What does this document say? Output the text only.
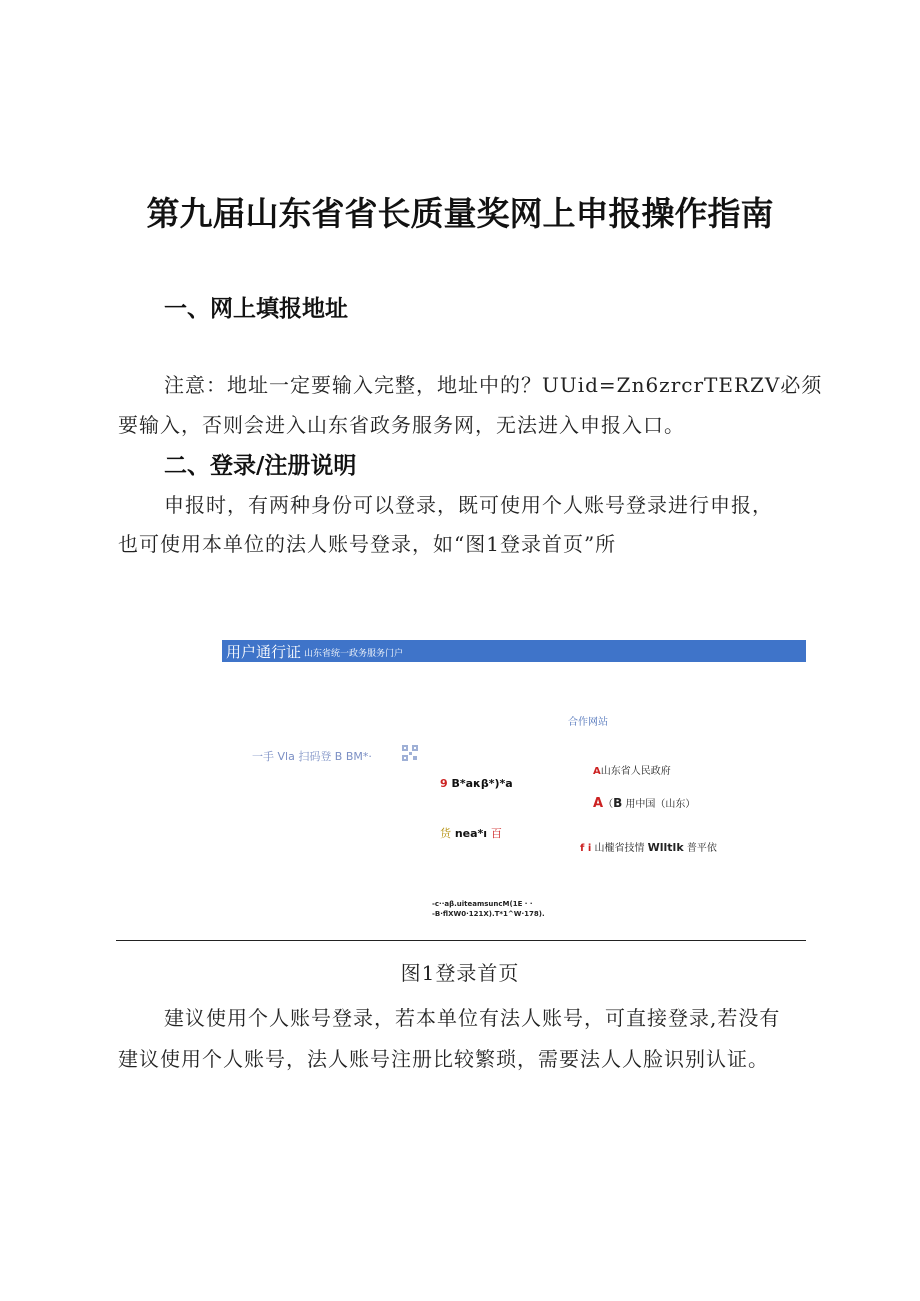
第九届山东省省长质量奖网上申报操作指南
一、网上填报地址
注意：地址一定要输入完整，地址中的？UUid=Zn6zrcrTERZV必须
要输入，否则会进入山东省政务服务网，无法进入申报入口。
二、登录/注册说明
申报时，有两种身份可以登录，既可使用个人账号登录进行申报，
也可使用本单位的法人账号登录，如“图1登录首页”所
用户通行证 山东省统一政务服务门户
合作网站
一手 Vla 扫码登 B BM*·
9 B*aκβ*)*a
货 nea*ı 百
A山东省人民政府
A（B 用中国（山东）
f i 山櫳省技情 Wlltlk 普平依
-c··aβ.uiteamsuncM(1E · ·
-B·flXW0·121X).T*1^W·178).
图1登录首页
建议使用个人账号登录，若本单位有法人账号，可直接登录,若没有
建议使用个人账号，法人账号注册比较繁琐，需要法人人脸识别认证。
